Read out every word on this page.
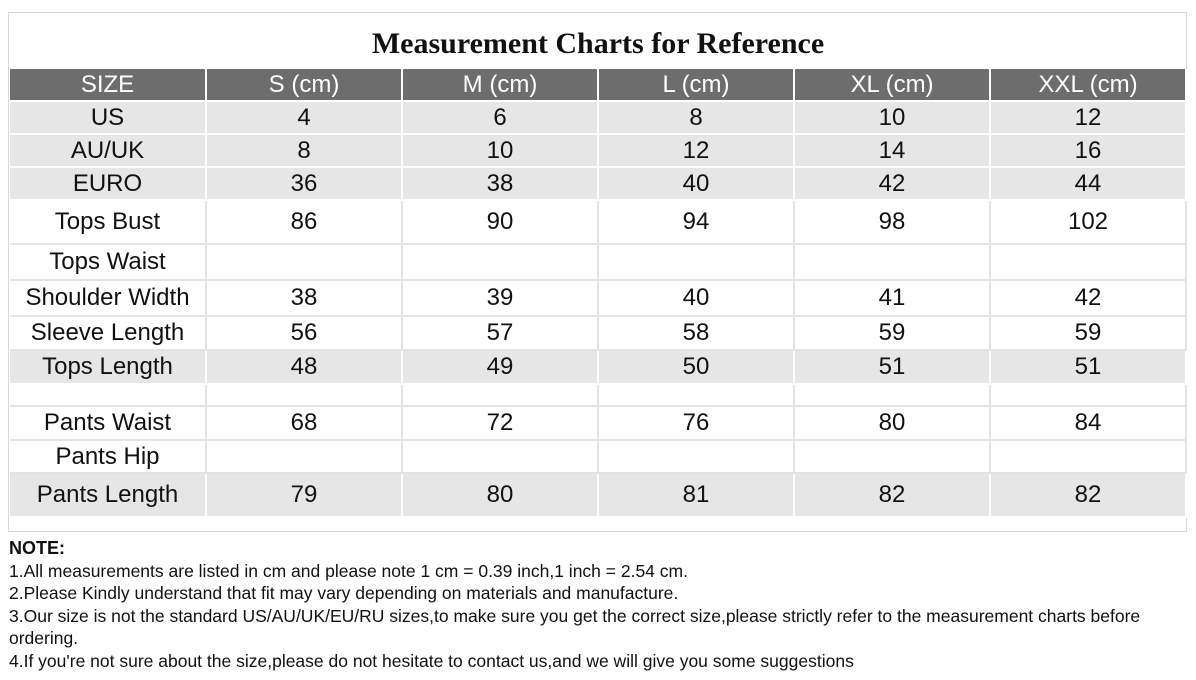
Measurement Charts for Reference
SIZE	S (cm)	M (cm)	L (cm)	XL (cm)	XXL (cm)
US	4	6	8	10	12
AU/UK	8	10	12	14	16
EURO	36	38	40	42	44
Tops Bust	86	90	94	98	102
Tops Waist					
Shoulder Width	38	39	40	41	42
Sleeve Length	56	57	58	59	59
Tops Length	48	49	50	51	51

Pants Waist	68	72	76	80	84
Pants Hip					
Pants Length	79	80	81	82	82
NOTE:
1.All measurements are listed in cm and please note 1 cm = 0.39 inch,1 inch = 2.54 cm.
2.Please Kindly understand that fit may vary depending on materials and manufacture.
3.Our size is not the standard US/AU/UK/EU/RU sizes,to make sure you get the correct size,please strictly refer to the measurement charts before ordering.
4.If you're not sure about the size,please do not hesitate to contact us,and we will give you some suggestions
